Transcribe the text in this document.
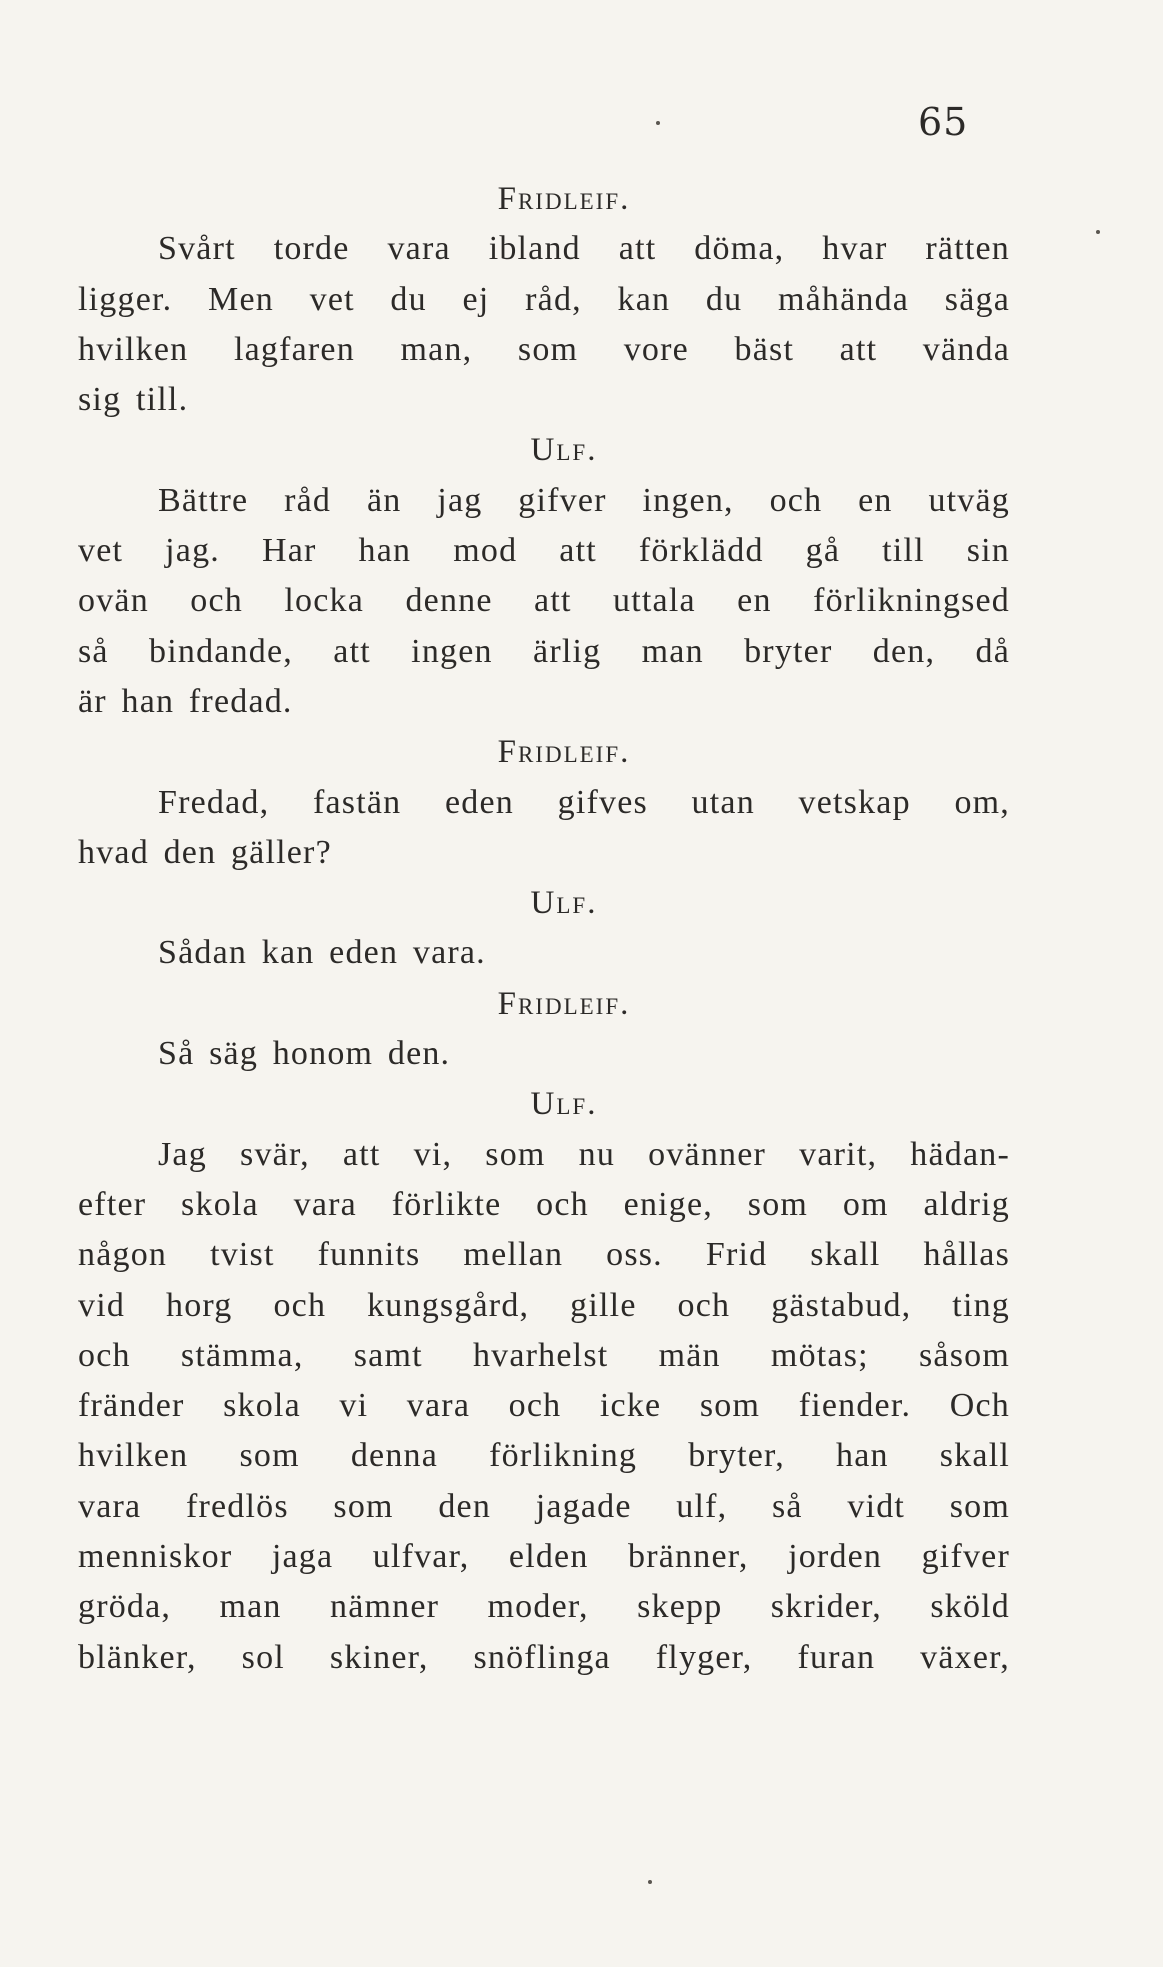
65

Fridleif.

Svårt torde vara ibland att döma, hvar rätten
ligger. Men vet du ej råd, kan du måhända säga
hvilken lagfaren man, som vore bäst att vända
sig till.

Ulf.

Bättre råd än jag gifver ingen, och en utväg
vet jag. Har han mod att förklädd gå till sin
ovän och locka denne att uttala en förlikningsed
så bindande, att ingen ärlig man bryter den, då
är han fredad.

Fridleif.

Fredad, fastän eden gifves utan vetskap om,
hvad den gäller?

Ulf.

Sådan kan eden vara.

Fridleif.

Så säg honom den.

Ulf.

Jag svär, att vi, som nu ovänner varit, hädan-
efter skola vara förlikte och enige, som om aldrig
någon tvist funnits mellan oss. Frid skall hållas
vid horg och kungsgård, gille och gästabud, ting
och stämma, samt hvarhelst män mötas; såsom
fränder skola vi vara och icke som fiender. Och
hvilken som denna förlikning bryter, han skall
vara fredlös som den jagade ulf, så vidt som
menniskor jaga ulfvar, elden bränner, jorden gifver
gröda, man nämner moder, skepp skrider, sköld
blänker, sol skiner, snöflinga flyger, furan växer,
